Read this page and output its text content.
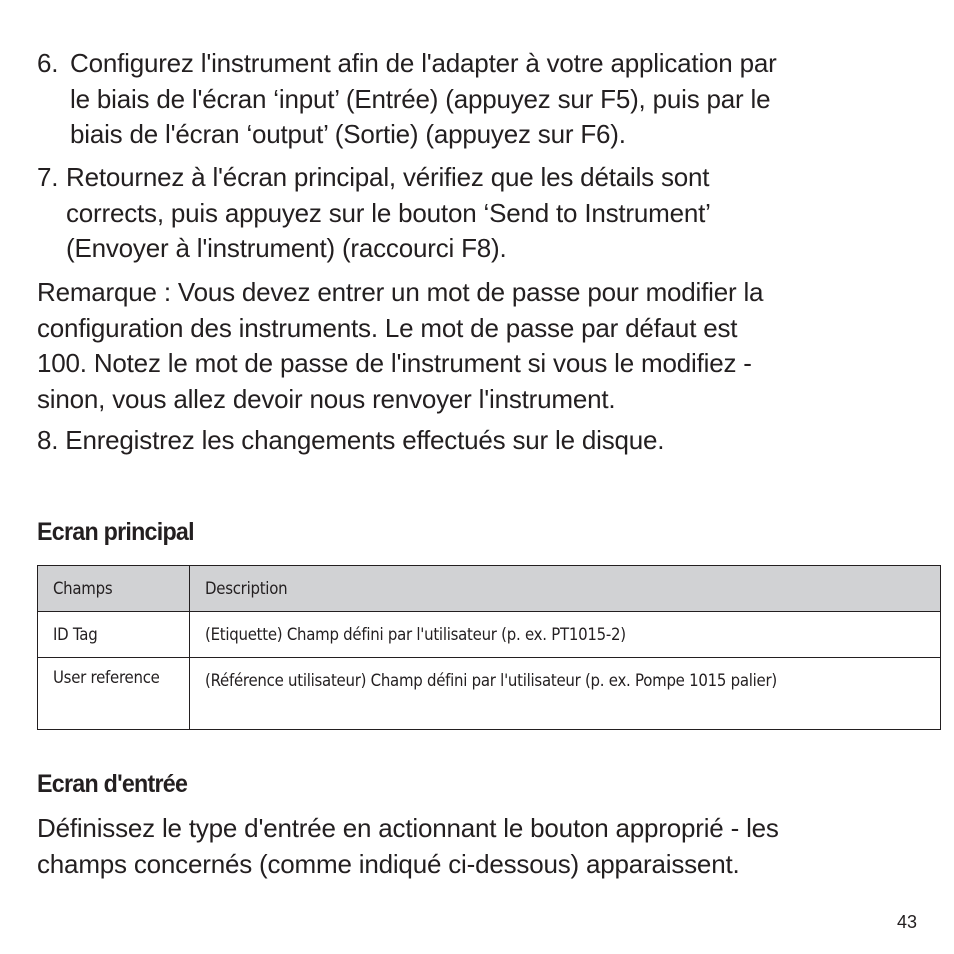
6. Configurez l'instrument afin de l'adapter à votre application par
le biais de l'écran ‘input’ (Entrée) (appuyez sur F5), puis par le
biais de l'écran ‘output’ (Sortie) (appuyez sur F6).
7. Retournez à l'écran principal, vérifiez que les détails sont
corrects, puis appuyez sur le bouton ‘Send to Instrument’
(Envoyer à l'instrument) (raccourci F8).
Remarque : Vous devez entrer un mot de passe pour modifier la
configuration des instruments. Le mot de passe par défaut est
100. Notez le mot de passe de l'instrument si vous le modifiez -
sinon, vous allez devoir nous renvoyer l'instrument.
8. Enregistrez les changements effectués sur le disque.
Ecran principal
Champs	Description

ID Tag	(Etiquette) Champ défini par l'utilisateur (p. ex. PT1015-2)

User reference	(Référence utilisateur) Champ défini par l'utilisateur (p. ex. Pompe 1015 palier)
Ecran d'entrée
Définissez le type d'entrée en actionnant le bouton approprié - les
champs concernés (comme indiqué ci-dessous) apparaissent.
43
